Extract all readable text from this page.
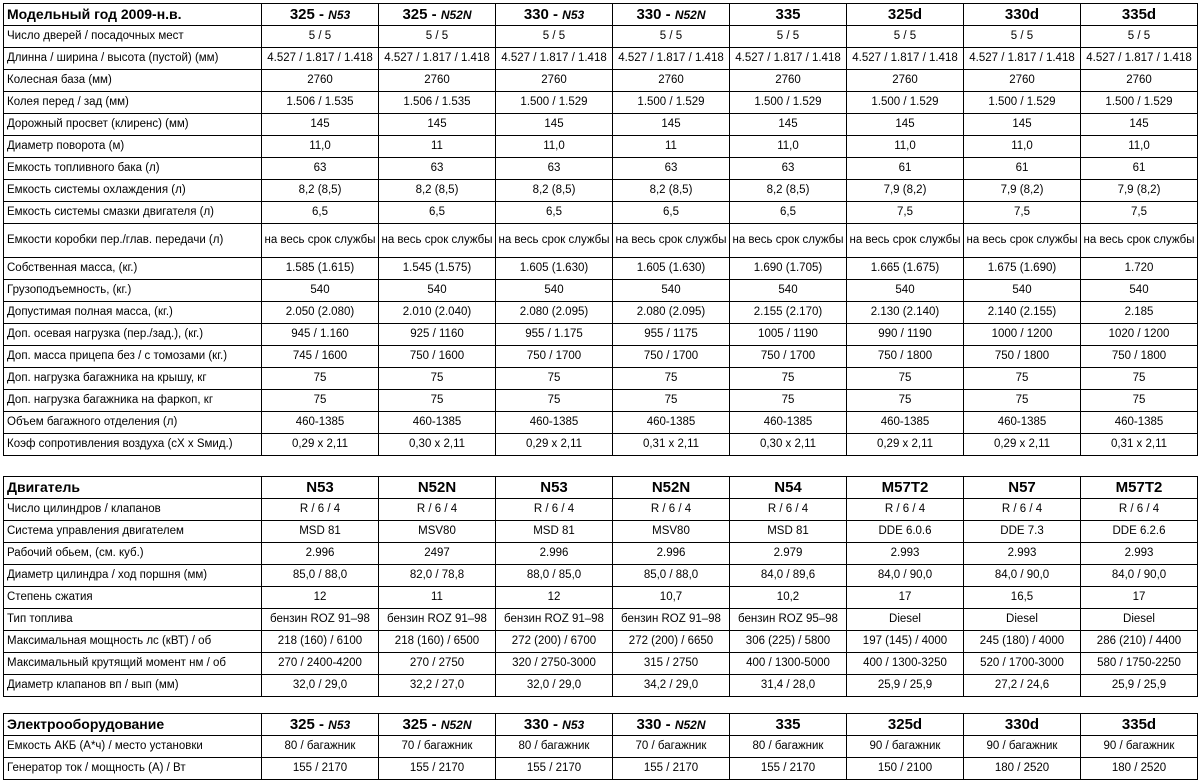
Модельный год 2009-н.в.	325 - N53	325 - N52N	330 - N53	330 - N52N	335	325d	330d	335d
Число дверей / посадочных мест	5 / 5	5 / 5	5 / 5	5 / 5	5 / 5	5 / 5	5 / 5	5 / 5
Длинна / ширина / высота (пустой) (мм)	4.527 / 1.817 / 1.418	4.527 / 1.817 / 1.418	4.527 / 1.817 / 1.418	4.527 / 1.817 / 1.418	4.527 / 1.817 / 1.418	4.527 / 1.817 / 1.418	4.527 / 1.817 / 1.418	4.527 / 1.817 / 1.418
Колесная база (мм)	2760	2760	2760	2760	2760	2760	2760	2760
Колея перед / зад (мм)	1.506 / 1.535	1.506 / 1.535	1.500 / 1.529	1.500 / 1.529	1.500 / 1.529	1.500 / 1.529	1.500 / 1.529	1.500 / 1.529
Дорожный просвет (клиренс) (мм)	145	145	145	145	145	145	145	145
Диаметр поворота (м)	11,0	11	11,0	11	11,0	11,0	11,0	11,0
Емкость топливного бака (л)	63	63	63	63	63	61	61	61
Емкость системы охлаждения (л)	8,2 (8,5)	8,2 (8,5)	8,2 (8,5)	8,2 (8,5)	8,2 (8,5)	7,9 (8,2)	7,9 (8,2)	7,9 (8,2)
Емкость системы смазки двигателя (л)	6,5	6,5	6,5	6,5	6,5	7,5	7,5	7,5
Емкости коробки пер./глав. передачи (л)	на весь срок службы	на весь срок службы	на весь срок службы	на весь срок службы	на весь срок службы	на весь срок службы	на весь срок службы	на весь срок службы
Собственная масса, (кг.)	1.585 (1.615)	1.545 (1.575)	1.605 (1.630)	1.605 (1.630)	1.690 (1.705)	1.665 (1.675)	1.675 (1.690)	1.720
Грузоподъемность, (кг.)	540	540	540	540	540	540	540	540
Допустимая полная масса, (кг.)	2.050 (2.080)	2.010 (2.040)	2.080 (2.095)	2.080 (2.095)	2.155 (2.170)	2.130 (2.140)	2.140 (2.155)	2.185
Доп. осевая нагрузка (пер./зад.), (кг.)	945 / 1.160	925 / 1160	955 / 1.175	955 / 1175	1005 / 1190	990 / 1190	1000 / 1200	1020 / 1200
Доп. масса прицепа без / с томозами (кг.)	745 / 1600	750 / 1600	750 / 1700	750 / 1700	750 / 1700	750 / 1800	750 / 1800	750 / 1800
Доп. нагрузка багажника на крышу, кг	75	75	75	75	75	75	75	75
Доп. нагрузка багажника на фаркоп, кг	75	75	75	75	75	75	75	75
Объем багажного отделения (л)	460-1385	460-1385	460-1385	460-1385	460-1385	460-1385	460-1385	460-1385
Коэф сопротивления воздуха (cX x Sмид.)	0,29 x 2,11	0,30 x 2,11	0,29 x 2,11	0,31 x 2,11	0,30 x 2,11	0,29 x 2,11	0,29 x 2,11	0,31 x 2,11
Двигатель	N53	N52N	N53	N52N	N54	M57T2	N57	M57T2
Число цилиндров / клапанов	R / 6 / 4	R / 6 / 4	R / 6 / 4	R / 6 / 4	R / 6 / 4	R / 6 / 4	R / 6 / 4	R / 6 / 4
Система управления двигателем	MSD 81	MSV80	MSD 81	MSV80	MSD 81	DDE 6.0.6	DDE 7.3	DDE 6.2.6
Рабочий обьем, (см. куб.)	2.996	2497	2.996	2.996	2.979	2.993	2.993	2.993
Диаметр цилиндра / ход поршня (мм)	85,0 / 88,0	82,0 / 78,8	88,0 / 85,0	85,0 / 88,0	84,0 / 89,6	84,0 / 90,0	84,0 / 90,0	84,0 / 90,0
Степень сжатия	12	11	12	10,7	10,2	17	16,5	17
Тип топлива	бензин ROZ 91–98	бензин ROZ 91–98	бензин ROZ 91–98	бензин ROZ 91–98	бензин ROZ 95–98	Diesel	Diesel	Diesel
Максимальная мощность лс (кВТ) / об	218 (160) / 6100	218 (160) / 6500	272 (200) / 6700	272 (200) / 6650	306 (225) / 5800	197 (145) / 4000	245 (180) / 4000	286 (210) / 4400
Максимальный крутящий момент нм / об	270 / 2400-4200	270 / 2750	320 / 2750-3000	315 / 2750	400 / 1300-5000	400 / 1300-3250	520 / 1700-3000	580 / 1750-2250
Диаметр клапанов вп / вып (мм)	32,0 / 29,0	32,2 / 27,0	32,0 / 29,0	34,2 / 29,0	31,4 / 28,0	25,9 / 25,9	27,2 / 24,6	25,9 / 25,9
Электрооборудование	325 - N53	325 - N52N	330 - N53	330 - N52N	335	325d	330d	335d
Емкость АКБ (А*ч) / место установки	80 / багажник	70 / багажник	80 / багажник	70 / багажник	80 / багажник	90 / багажник	90 / багажник	90 / багажник
Генератор ток / мощность (А) / Вт	155 / 2170	155 / 2170	155 / 2170	155 / 2170	155 / 2170	150 / 2100	180 / 2520	180 / 2520
